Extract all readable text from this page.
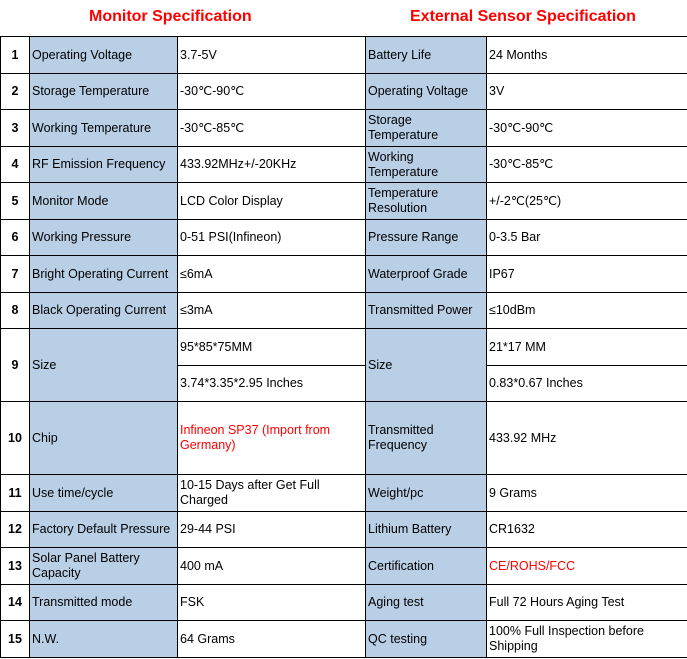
Monitor Specification	External Sensor Specification
1	Operating Voltage	3.7-5V	Battery Life	24 Months
2	Storage Temperature	-30℃-90℃	Operating Voltage	3V
3	Working Temperature	-30℃-85℃	Storage Temperature	-30℃-90℃
4	RF Emission Frequency	433.92MHz+/-20KHz	Working Temperature	-30℃-85℃
5	Monitor Mode	LCD Color Display	Temperature Resolution	+/-2℃(25℃)
6	Working Pressure	0-51 PSI(Infineon)	Pressure Range	0-3.5 Bar
7	Bright Operating Current	≤6mA	Waterproof Grade	IP67
8	Black Operating Current	≤3mA	Transmitted Power	≤10dBm
9	Size	95*85*75MM	Size	21*17 MM
		3.74*3.35*2.95 Inches		0.83*0.67 Inches
10	Chip	Infineon SP37 (Import from Germany)	Transmitted Frequency	433.92 MHz
11	Use time/cycle	10-15 Days after Get Full Charged	Weight/pc	9 Grams
12	Factory Default Pressure	29-44 PSI	Lithium Battery	CR1632
13	Solar Panel Battery Capacity	400 mA	Certification	CE/ROHS/FCC
14	Transmitted mode	FSK	Aging test	Full 72 Hours Aging Test
15	N.W.	64 Grams	QC testing	100% Full Inspection before Shipping
